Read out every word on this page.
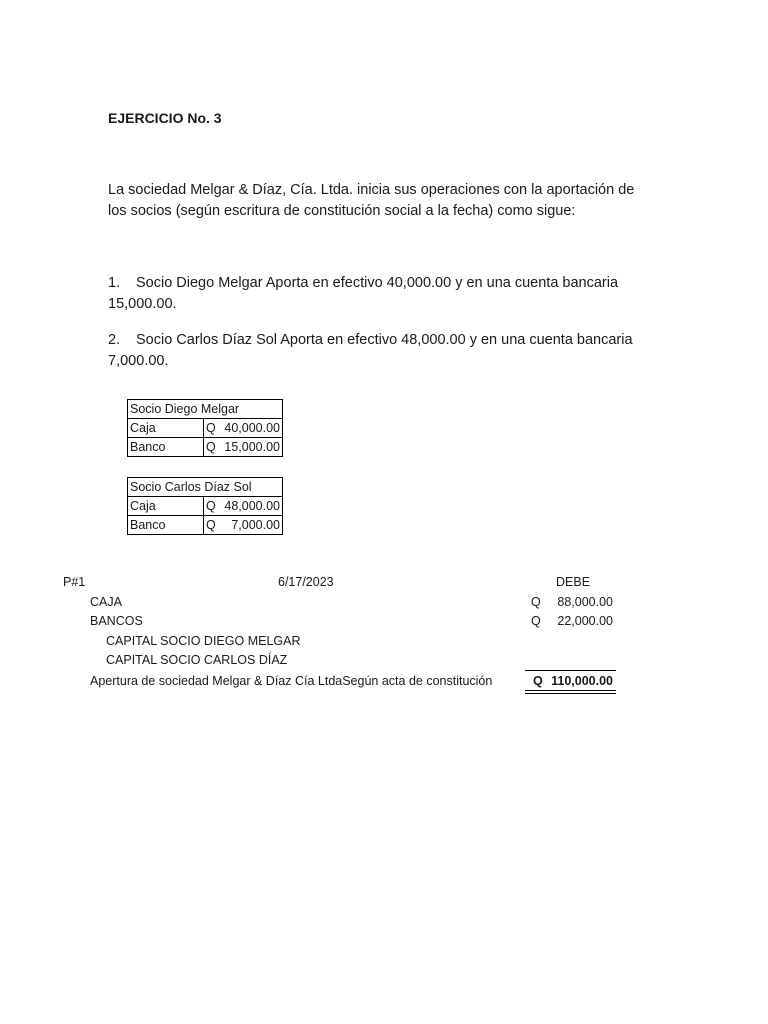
EJERCICIO No. 3
La sociedad Melgar & Díaz, Cía. Ltda. inicia sus operaciones con la aportación de
los socios (según escritura de constitución social a la fecha) como sigue:
1. Socio Diego Melgar Aporta en efectivo 40,000.00 y en una cuenta bancaria
15,000.00.
2. Socio Carlos Díaz Sol Aporta en efectivo 48,000.00 y en una cuenta bancaria
7,000.00.
Socio Diego Melgar		
Caja	Q	40,000.00
Banco	Q	15,000.00
Socio Carlos Díaz Sol		
Caja	Q	48,000.00
Banco	Q	7,000.00
P#1	6/17/2023	DEBE
CAJA	Q	88,000.00
BANCOS	Q	22,000.00
CAPITAL SOCIO DIEGO MELGAR
CAPITAL SOCIO CARLOS DÍAZ
Apertura de sociedad Melgar & Díaz Cía LtdaSegún acta de constitución	Q 110,000.00
